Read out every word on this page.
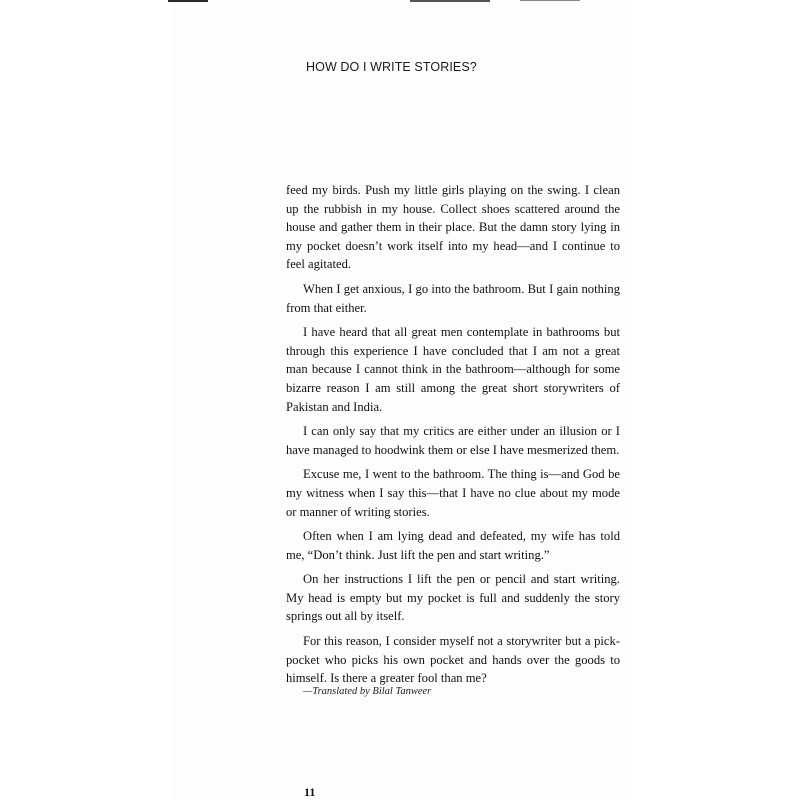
HOW DO I WRITE STORIES?

feed my birds. Push my little girls playing on the swing. I clean up the rubbish in my house. Collect shoes scattered around the house and gather them in their place. But the damn story lying in my pocket doesn’t work itself into my head—and I continue to feel agitated.

When I get anxious, I go into the bathroom. But I gain nothing from that either.

I have heard that all great men contemplate in bathrooms but through this experience I have concluded that I am not a great man because I cannot think in the bathroom—although for some bizarre reason I am still among the great short storywriters of Pakistan and India.

I can only say that my critics are either under an illusion or I have managed to hoodwink them or else I have mesmerized them.

Excuse me, I went to the bathroom. The thing is—and God be my witness when I say this—that I have no clue about my mode or manner of writing stories.

Often when I am lying dead and defeated, my wife has told me, “Don’t think. Just lift the pen and start writing.”

On her instructions I lift the pen or pencil and start writing. My head is empty but my pocket is full and suddenly the story springs out all by itself.

For this reason, I consider myself not a storywriter but a pickpocket who picks his own pocket and hands over the goods to himself. Is there a greater fool than me?

—Translated by Bilal Tanweer
11
